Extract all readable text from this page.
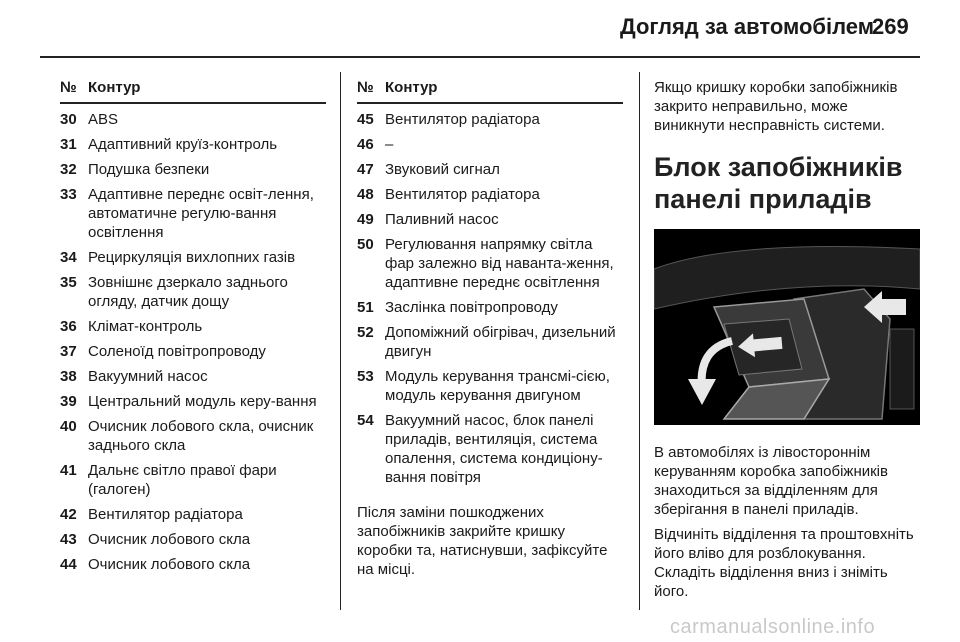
Догляд за автомобілем
269
№ Контур
30 ABS
31 Адаптивний круїз-контроль
32 Подушка безпеки
33 Адаптивне переднє освіт-лення, автоматичне регулю-вання освітлення
34 Рециркуляція вихлопних газів
35 Зовнішнє дзеркало заднього огляду, датчик дощу
36 Клімат-контроль
37 Соленоїд повітропроводу
38 Вакуумний насос
39 Центральний модуль керу-вання
40 Очисник лобового скла, очисник заднього скла
41 Дальнє світло правої фари (галоген)
42 Вентилятор радіатора
43 Очисник лобового скла
44 Очисник лобового скла
№ Контур
45 Вентилятор радіатора
46 –
47 Звуковий сигнал
48 Вентилятор радіатора
49 Паливний насос
50 Регулювання напрямку світла фар залежно від наванта-ження, адаптивне переднє освітлення
51 Заслінка повітропроводу
52 Допоміжний обігрівач, дизельний двигун
53 Модуль керування трансмі-сією, модуль керування двигуном
54 Вакуумний насос, блок панелі приладів, вентиляція, система опалення, система кондиціону-вання повітря

Після заміни пошкоджених запобіжників закрийте кришку коробки та, натиснувши, зафіксуйте на місці.

Якщо кришку коробки запобіжників закрито неправильно, може виникнути несправність системи.

Блок запобіжників панелі приладів

В автомобілях із лівостороннім керуванням коробка запобіжників знаходиться за відділенням для зберігання в панелі приладів.

Відчиніть відділення та проштовхніть його вліво для розблокування. Складіть відділення вниз і зніміть його.

carmanualsonline.info
